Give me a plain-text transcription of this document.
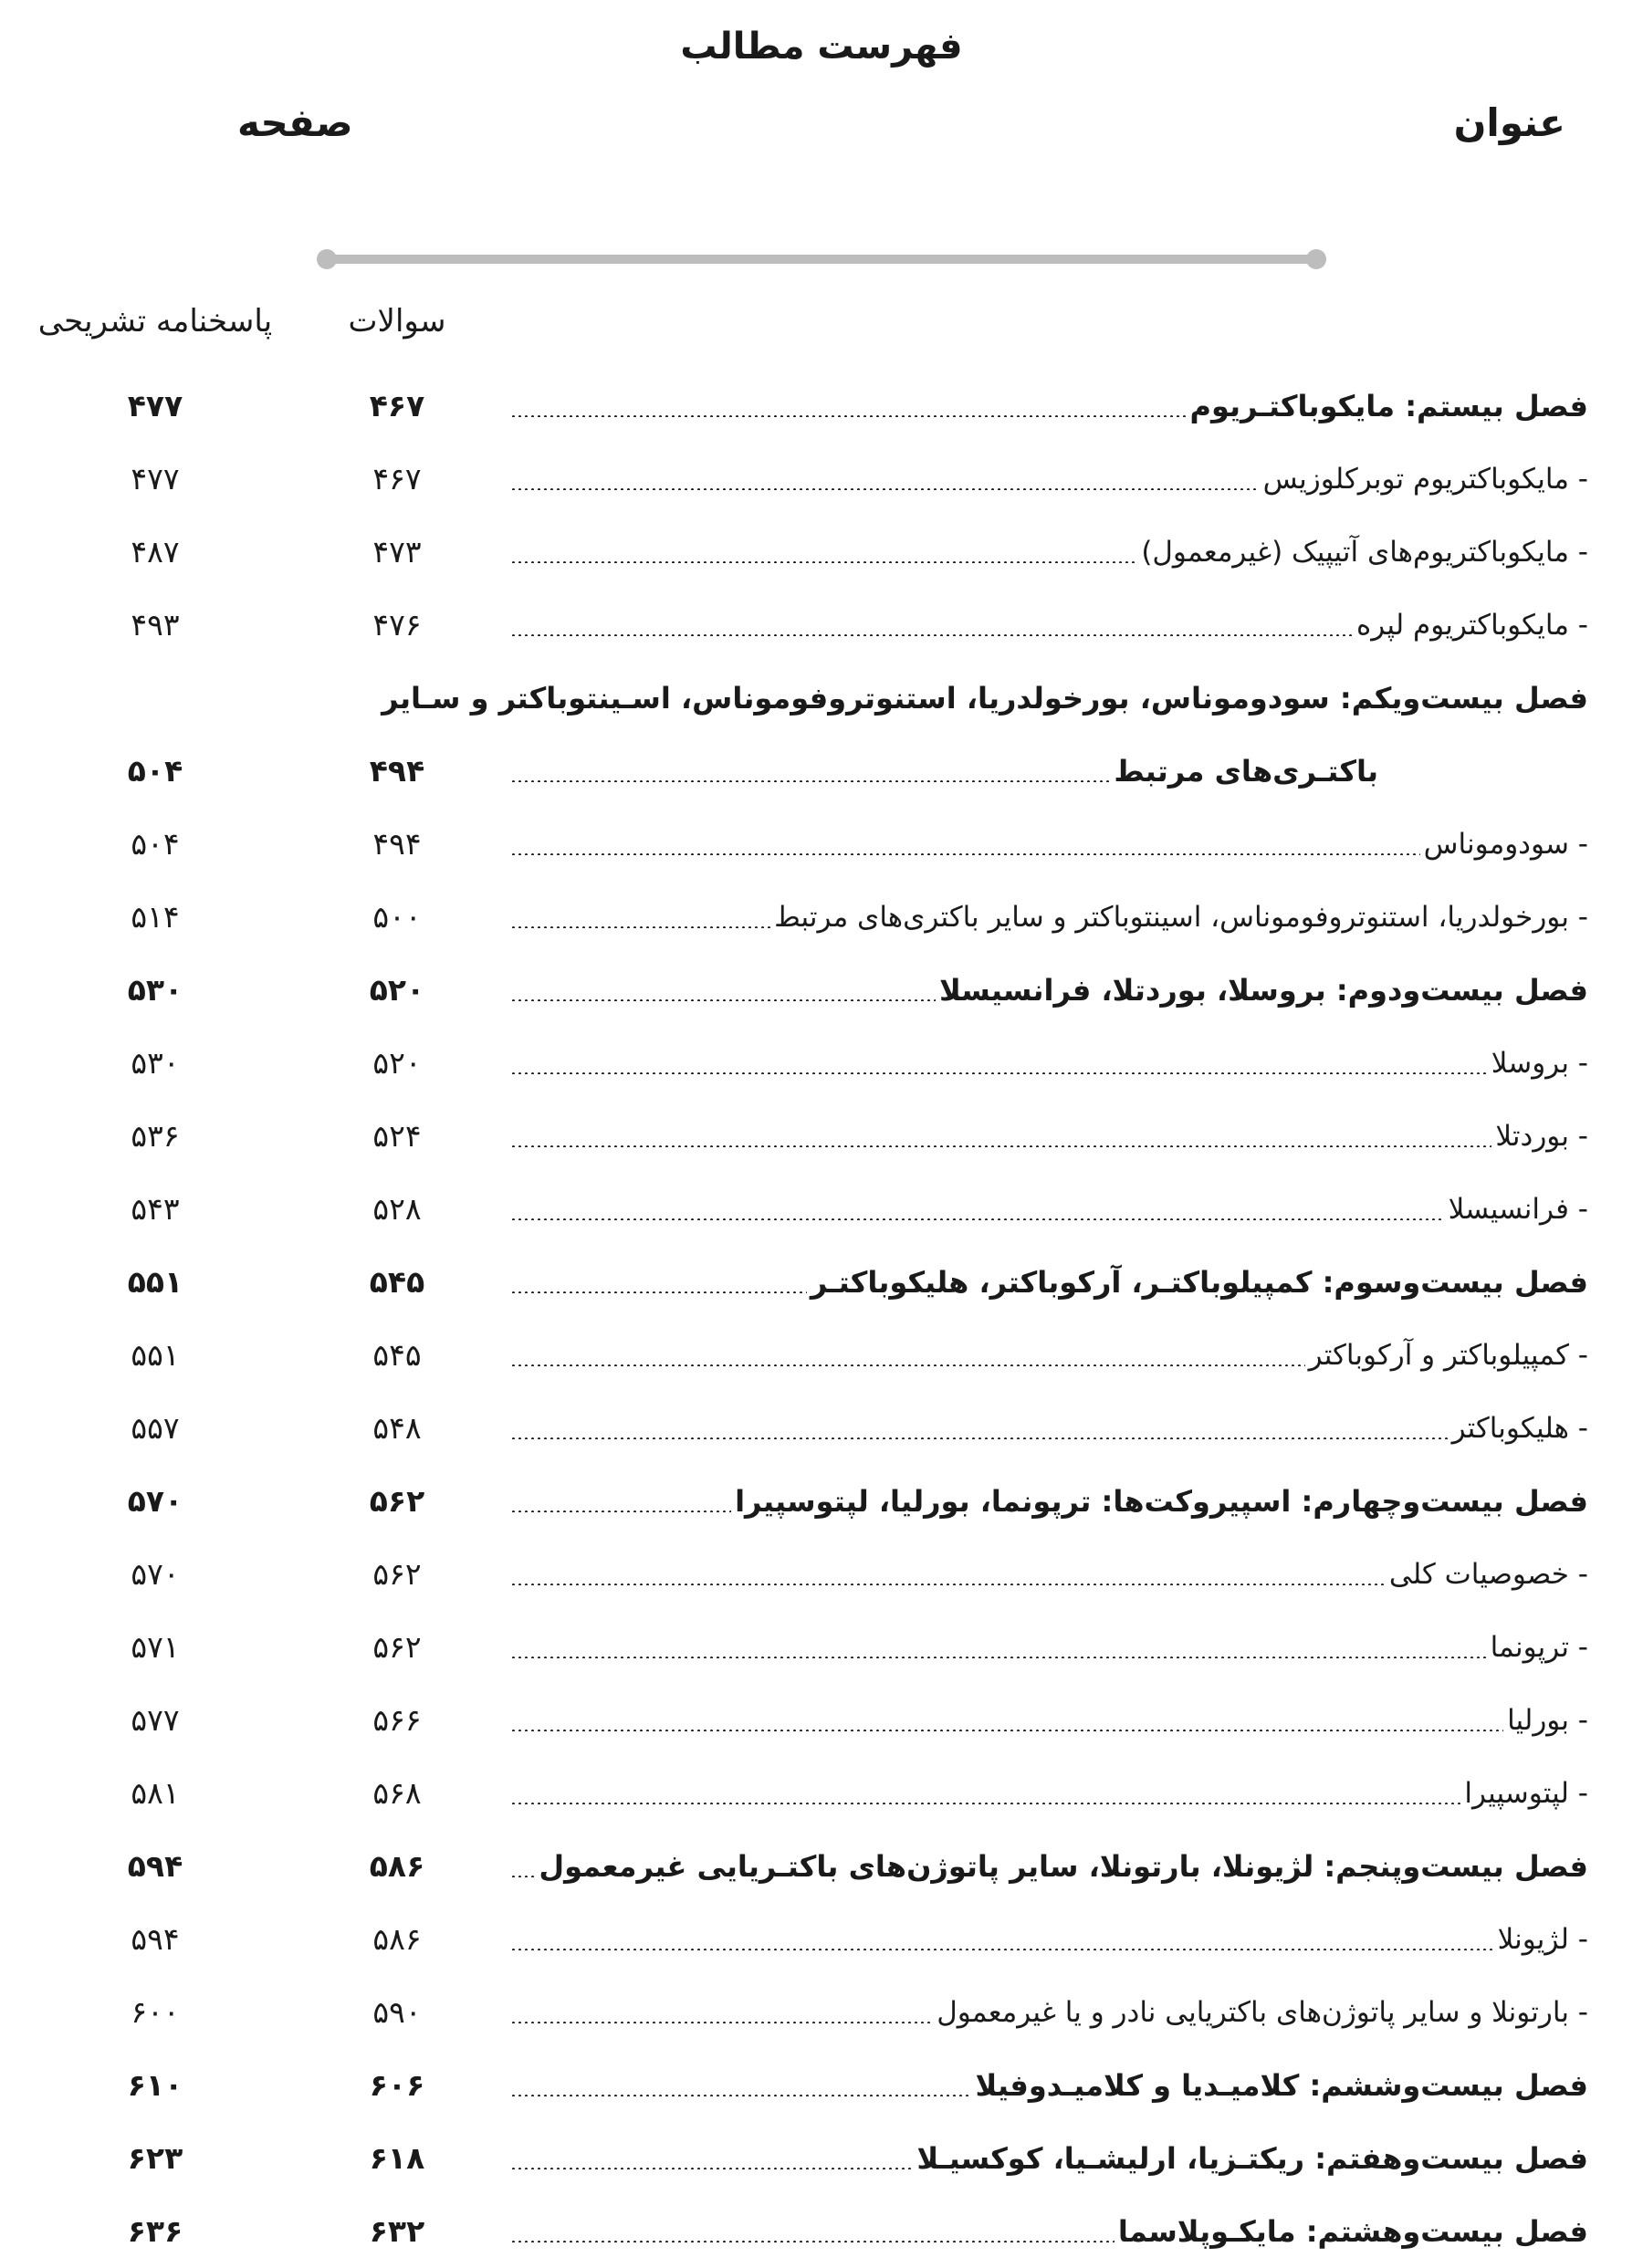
فهرست مطالب
عنوان
صفحه
سوالات
پاسخنامه تشریحی
فصل بیستم: مایکوباکتـریوم
۴۶۷
۴۷۷
- مایکوباکتریوم توبرکلوزیس
۴۶۷
۴۷۷
- مایکوباکتریوم‌های آتیپیک (غیرمعمول)
۴۷۳
۴۸۷
- مایکوباکتریوم لپره
۴۷۶
۴۹۳
فصل بیست‌ویکم: سودوموناس، بورخولدریا، استنوتروفوموناس، اسـینتوباکتر و سـایر
باکتـری‌های مرتبط
۴۹۴
۵۰۴
- سودوموناس
۴۹۴
۵۰۴
- بورخولدریا، استنوتروفوموناس، اسینتوباکتر و سایر باکتری‌های مرتبط
۵۰۰
۵۱۴
فصل بیست‌ودوم: بروسلا، بوردتلا، فرانسیسلا
۵۲۰
۵۳۰
- بروسلا
۵۲۰
۵۳۰
- بوردتلا
۵۲۴
۵۳۶
- فرانسیسلا
۵۲۸
۵۴۳
فصل بیست‌وسوم: کمپیلوباکتـر، آرکوباکتر، هلیکوباکتـر
۵۴۵
۵۵۱
- کمپیلوباکتر و آرکوباکتر
۵۴۵
۵۵۱
- هلیکوباکتر
۵۴۸
۵۵۷
فصل بیست‌وچهارم: اسپیروکت‌ها: ترپونما، بورلیا، لپتوسپیرا
۵۶۲
۵۷۰
- خصوصیات کلی
۵۶۲
۵۷۰
- ترپونما
۵۶۲
۵۷۱
- بورلیا
۵۶۶
۵۷۷
- لپتوسپیرا
۵۶۸
۵۸۱
فصل بیست‌وپنجم: لژیونلا، بارتونلا، سایر پاتوژن‌های باکتـریایی غیرمعمول
۵۸۶
۵۹۴
- لژیونلا
۵۸۶
۵۹۴
- بارتونلا و سایر پاتوژن‌های باکتریایی نادر و یا غیرمعمول
۵۹۰
۶۰۰
فصل بیست‌وششم: کلامیـدیا و کلامیـدوفیلا
۶۰۶
۶۱۰
فصل بیست‌وهفتم: ریکتـزیا، ارلیشـیا، کوکسیـلا
۶۱۸
۶۲۳
فصل بیست‌وهشتم: مایکـوپلاسما
۶۳۲
۶۳۶
